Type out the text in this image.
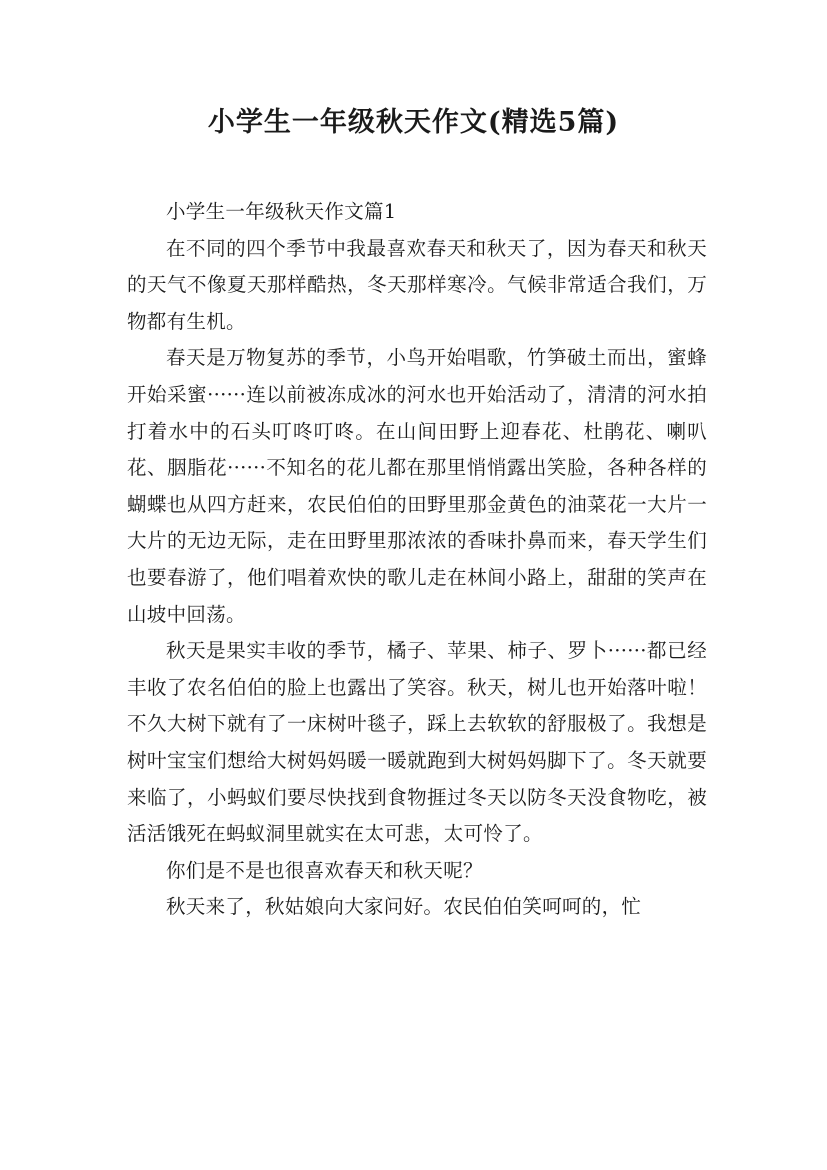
小学生一年级秋天作文(精选5篇)

小学生一年级秋天作文篇1

在不同的四个季节中我最喜欢春天和秋天了，因为春天和秋天的天气不像夏天那样酷热，冬天那样寒冷。气候非常适合我们，万物都有生机。

春天是万物复苏的季节，小鸟开始唱歌，竹笋破土而出，蜜蜂开始采蜜······连以前被冻成冰的河水也开始活动了，清清的河水拍打着水中的石头叮咚叮咚。在山间田野上迎春花、杜鹃花、喇叭花、胭脂花······不知名的花儿都在那里悄悄露出笑脸，各种各样的蝴蝶也从四方赶来，农民伯伯的田野里那金黄色的油菜花一大片一大片的无边无际，走在田野里那浓浓的香味扑鼻而来，春天学生们也要春游了，他们唱着欢快的歌儿走在林间小路上，甜甜的笑声在山坡中回荡。

秋天是果实丰收的季节，橘子、苹果、柿子、罗卜······都已经丰收了农名伯伯的脸上也露出了笑容。秋天，树儿也开始落叶啦！不久大树下就有了一床树叶毯子，踩上去软软的舒服极了。我想是树叶宝宝们想给大树妈妈暖一暖就跑到大树妈妈脚下了。冬天就要来临了，小蚂蚁们要尽快找到食物捱过冬天以防冬天没食物吃，被活活饿死在蚂蚁洞里就实在太可悲，太可怜了。

你们是不是也很喜欢春天和秋天呢？

秋天来了，秋姑娘向大家问好。农民伯伯笑呵呵的，忙
